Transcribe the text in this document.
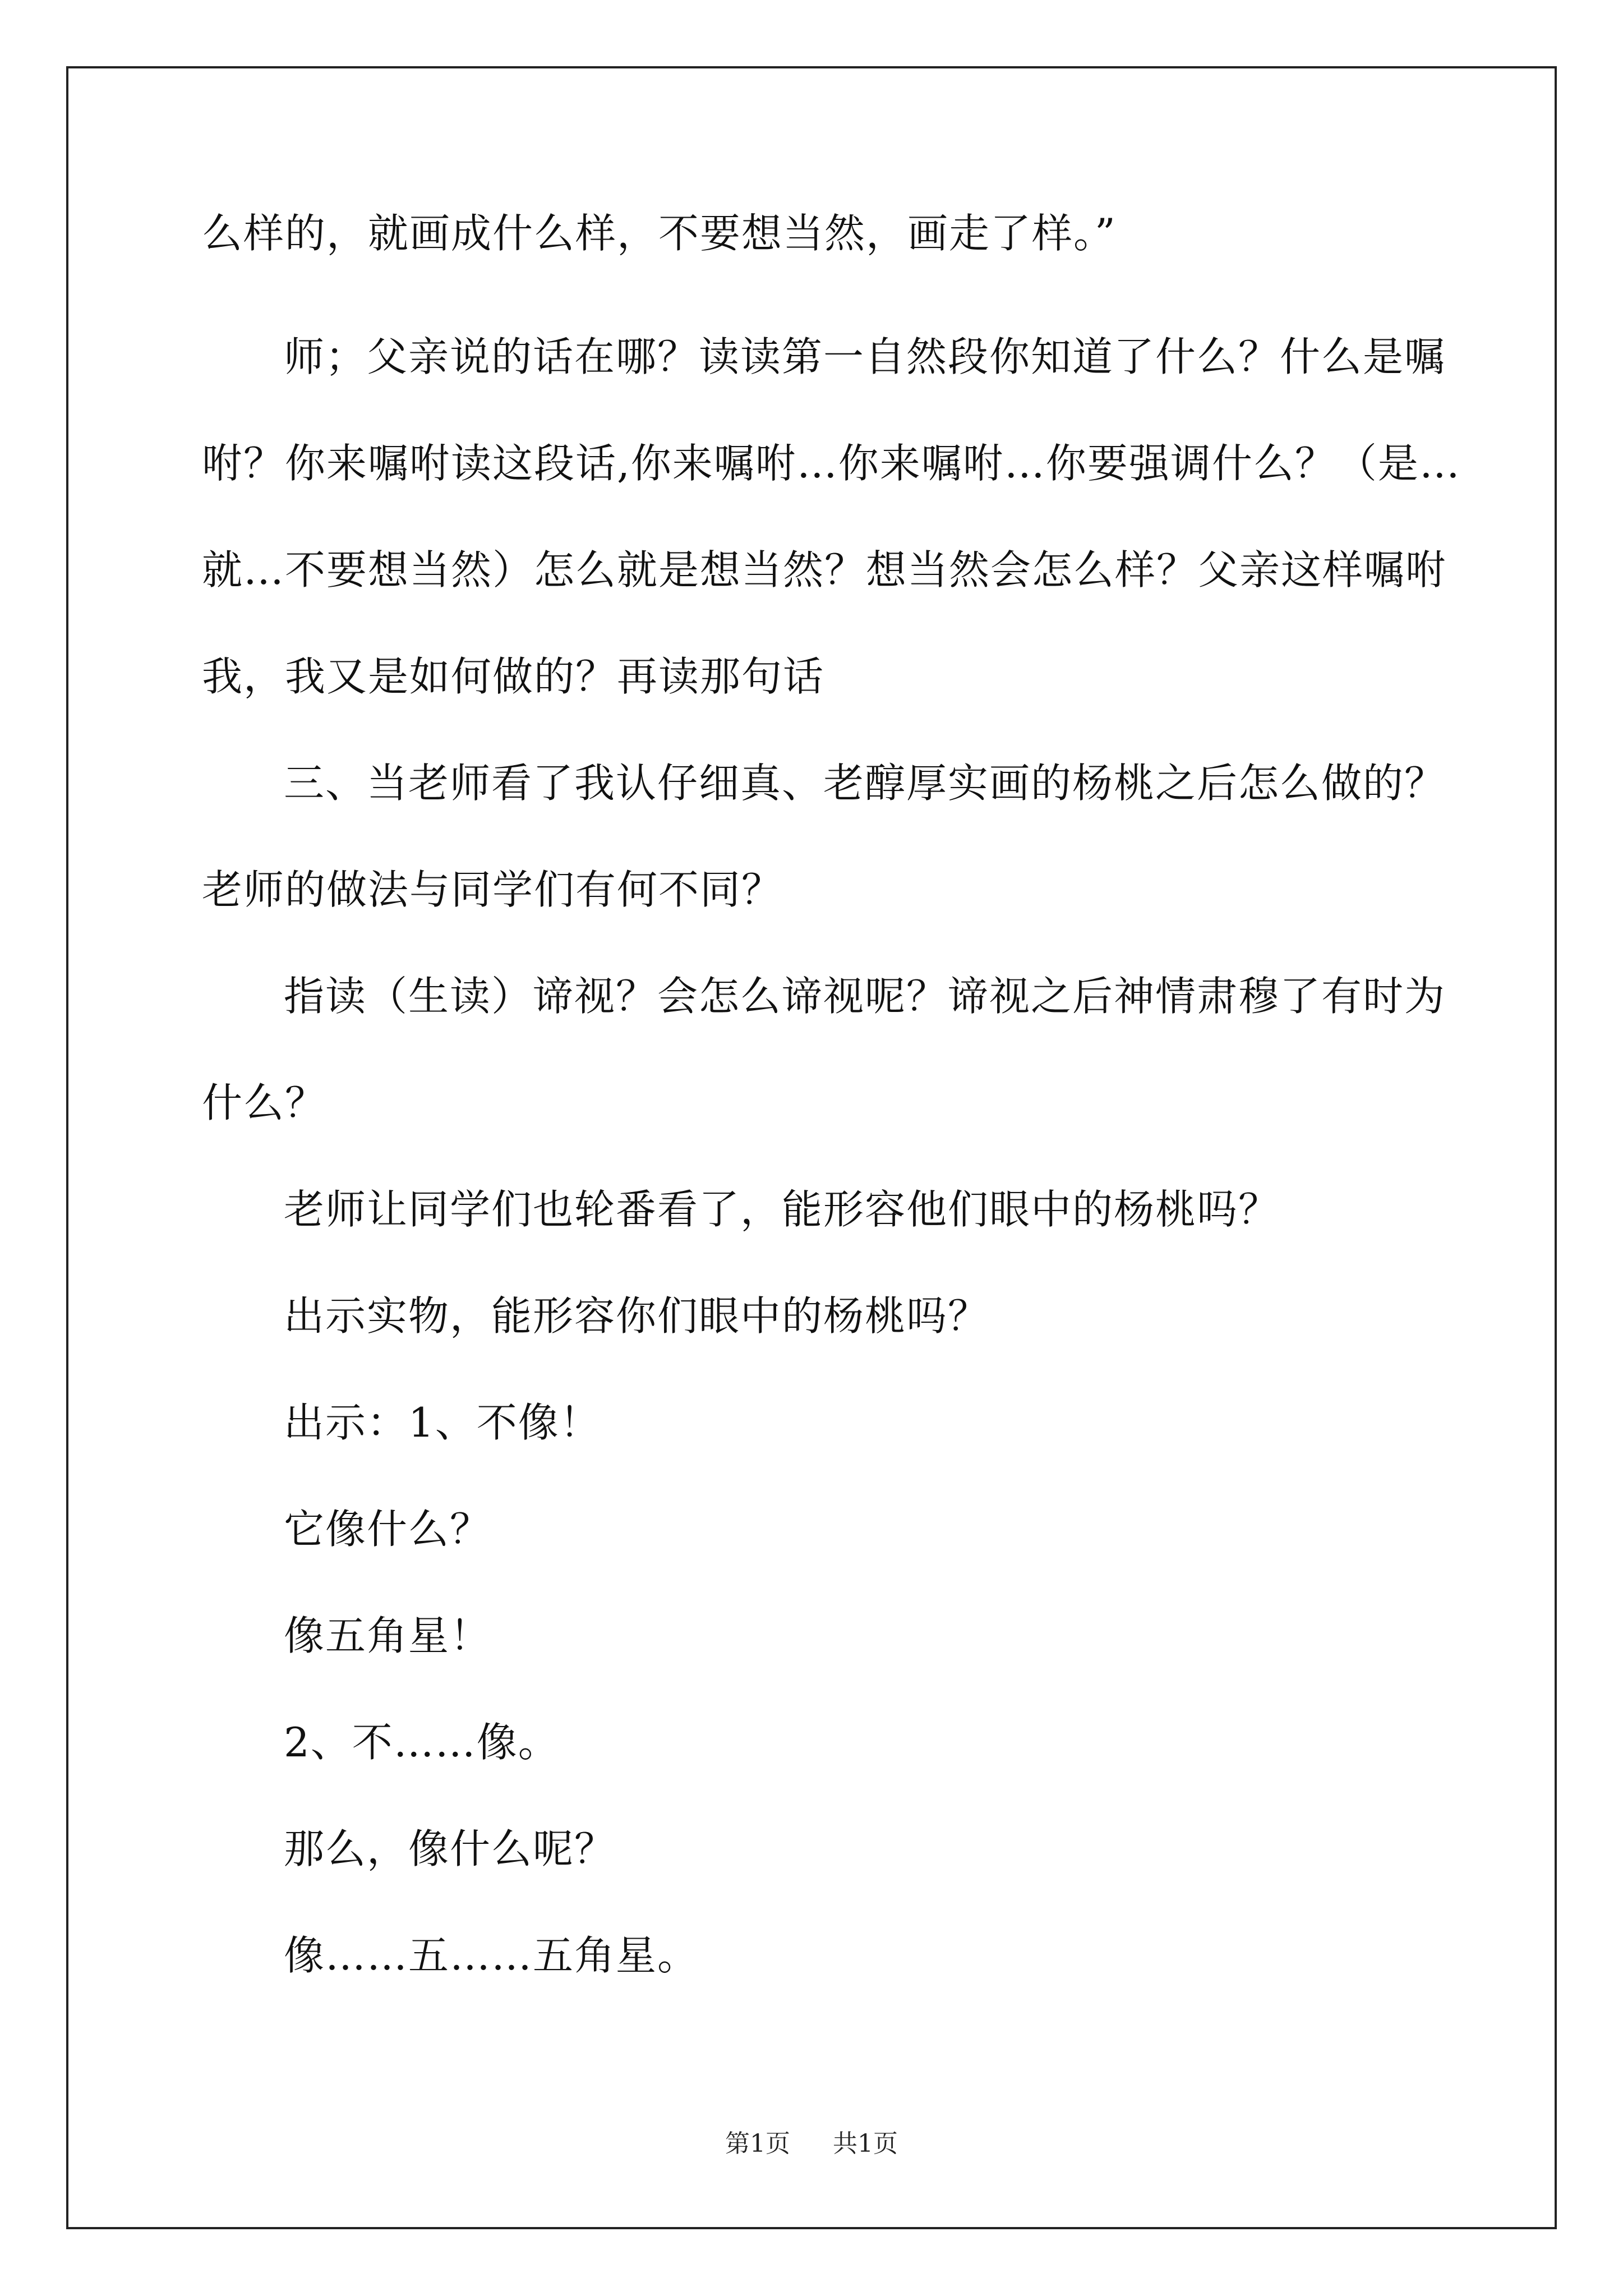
么样的，就画成什么样，不要想当然，画走了样。”
师；父亲说的话在哪？读读第一自然段你知道了什么？什么是嘱
咐？你来嘱咐读这段话,你来嘱咐…你来嘱咐…你要强调什么？（是…
就…不要想当然）怎么就是想当然？想当然会怎么样？父亲这样嘱咐
我，我又是如何做的？再读那句话
三、当老师看了我认仔细真、老醇厚实画的杨桃之后怎么做的？
老师的做法与同学们有何不同？
指读（生读）谛视？会怎么谛视呢？谛视之后神情肃穆了有时为
什么？
老师让同学们也轮番看了，能形容他们眼中的杨桃吗？
出示实物，能形容你们眼中的杨桃吗？
出示：1、不像！
它像什么？
像五角星！
2、不……像。
那么，像什么呢？
像……五……五角星。
第1页 共1页
